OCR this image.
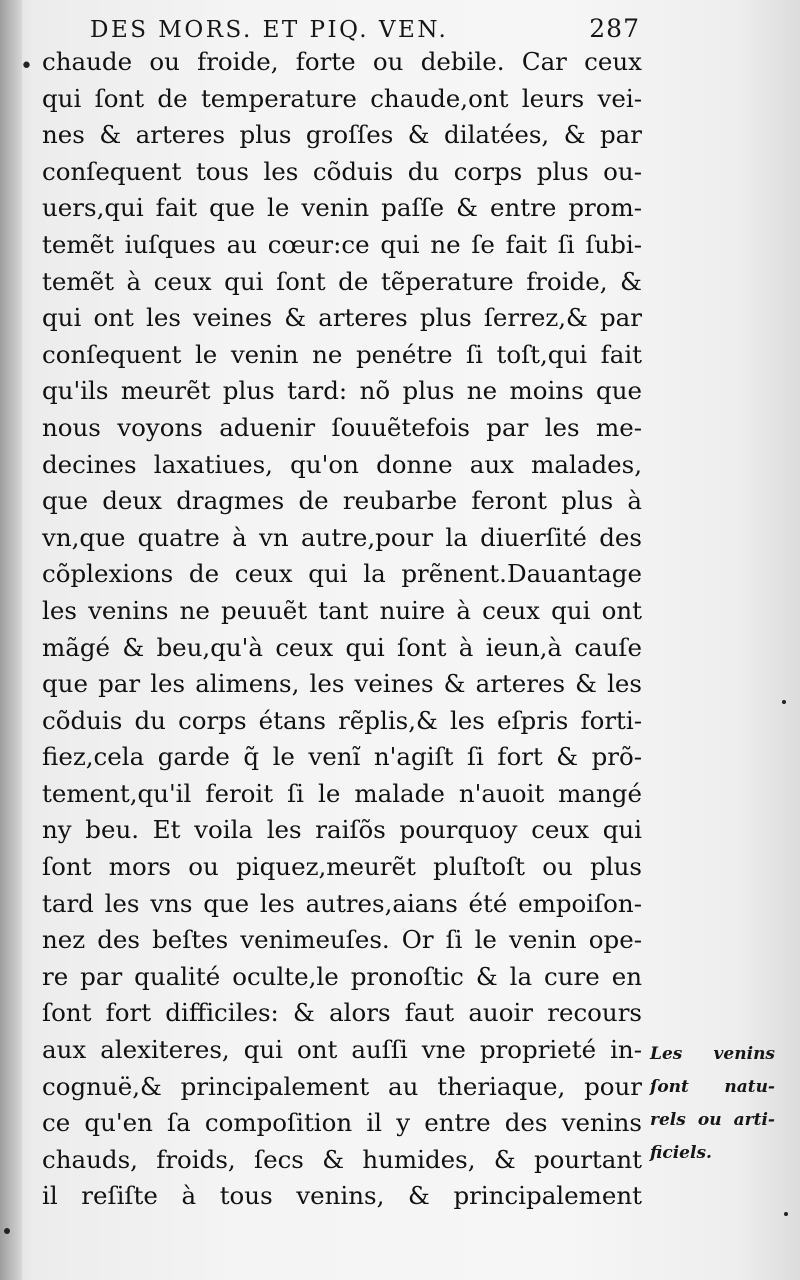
DES MORS. ET PIQ. VEN.	287
• chaude ou froide, forte ou debile. Car ceux
qui ſont de temperature chaude,ont leurs vei-
nes & arteres plus groſſes & dilatées, & par
conſequent tous les cõduis du corps plus ou-
uers,qui fait que le venin paſſe & entre prom-
temẽt iuſques au cœur:ce qui ne ſe fait ſi ſubi-
temẽt à ceux qui ſont de tẽperature froide, &
qui ont les veines & arteres plus ſerrez,& par
conſequent le venin ne penétre ſi toſt,qui fait
qu'ils meurẽt plus tard: nõ plus ne moins que
nous voyons aduenir ſouuẽtefois par les me-
decines laxatiues, qu'on donne aux malades,
que deux dragmes de reubarbe feront plus à
vn,que quatre à vn autre,pour la diuerſité des
cõplexions de ceux qui la prẽnent.Dauantage
les venins ne peuuẽt tant nuire à ceux qui ont
mãgé & beu,qu'à ceux qui ſont à ieun,à cauſe
que par les alimens, les veines & arteres & les
cõduis du corps étans rẽplis,& les eſpris forti-
fiez,cela garde q̃ le venĩ n'agiſt ſi fort & prõ-
tement,qu'il feroit ſi le malade n'auoit mangé
ny beu. Et voila les raiſõs pourquoy ceux qui
ſont mors ou piquez,meurẽt pluſtoſt ou plus
tard les vns que les autres,aians été empoiſon-
nez des beſtes venimeuſes. Or ſi le venin ope-
re par qualité oculte,le pronoſtic & la cure en
ſont fort difficiles: & alors faut auoir recours
aux alexiteres, qui ont auſſi vne proprieté in-
cognuë,& principalement au theriaque, pour
ce qu'en ſa compoſition il y entre des venins
chauds, froids, ſecs & humides, & pourtant
il reſiſte à tous venins, & principalement
Les venins
ſont natu-
rels ou arti-
ficiels.
